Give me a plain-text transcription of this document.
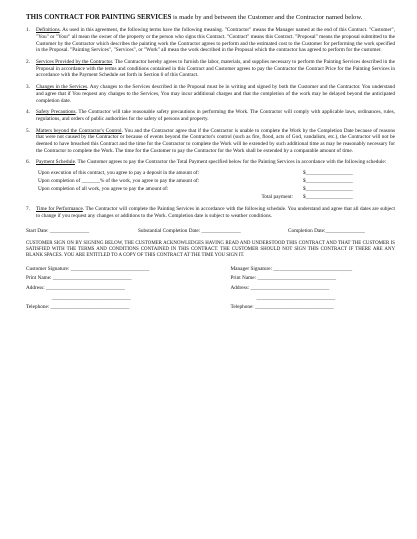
THIS CONTRACT FOR PAINTING SERVICES is made by and between the Customer and the Contractor named below.

1.	Definitions. As used in this agreement, the following terms have the following meaning. "Contractor" means the Manager named at the end of this Contract. "Customer", "You" or "Your" all mean the owner of the property or the person who signs this Contract. "Contract" means this Contract. "Proposal" means the proposal submitted to the Customer by the Contractor which describes the painting work the Contractor agrees to perform and the estimated cost to the Customer for performing the work specified in the Proposal. "Painting Services", "Services", or "Work" all mean the work described in the Proposal which the contractor has agreed to perform for the customer.
2.	Services Provided by the Contractor. The Contractor hereby agrees to furnish the labor, materials, and supplies necessary to perform the Painting Services described in the Proposal in accordance with the terms and conditions contained in this Contract and Customer agrees to pay the Contractor the Contract Price for the Painting Services in accordance with the Payment Schedule set forth in Section 6 of this Contract.
3.	Changes in the Services. Any changes to the Services described in the Proposal must be in writing and signed by both the Customer and the Contractor. You understand and agree that if You request any changes to the Services, You may incur additional charges and that the completion of the work may be delayed beyond the anticipated completion date.
4.	Safety Precautions. The Contractor will take reasonable safety precautions in performing the Work. The Contractor will comply with applicable laws, ordinances, rules, regulations, and orders of public authorities for the safety of persons and property.
5.	Matters beyond the Contractor's Control. You and the Contractor agree that if the Contractor is unable to complete the Work by the Completion Date because of reasons that were not caused by the Contractor or because of events beyond the Contractor's control (such as fire, flood, acts of God, vandalism, etc.), the Contractor will not be deemed to have breached this Contract and the time for the Contractor to complete the Work will be extended by such additional time as may be reasonably necessary for the Contractor to complete the Work. The time for the Customer to pay the Contractor for the Work shall be extended by a comparable amount of time.
6.	Payment Schedule. The Customer agrees to pay the Contractor the Total Payment specified below for the Painting Services in accordance with the following schedule:
Upon execution of this contract, you agree to pay a deposit in the amount of:	$__________________
Upon completion of _______% of the work, you agree to pay the amount of:	$__________________
Upon completion of all work, you agree to pay the amount of:	$__________________
Total payment:	$__________________
7.	Time for Performance. The Contractor will complete the Painting Services in accordance with the following schedule. You understand and agree that all dates are subject to change if you request any changes or additions to the Work. Completion date is subject to weather conditions.
Start Date: _______________	Substantial Completion Date: _______________	Completion Date:_______________

CUSTOMER SIGN ON BY SIGNING BELOW, THE CUSTOMER ACKNOWLEDGES HAVING READ AND UNDERSTOOD THIS CONTRACT AND THAT THE CUSTOMER IS SATISFIED WITH THE TERMS AND CONDITIONS CONTAINED IN THIS CONTRACT. THE CUSTOMER SHOULD NOT SIGN THIS CONTRACT IF THERE ARE ANY BLANK SPACES. YOU ARE ENTITLED TO A COPY OF THIS CONTRACT AT THE TIME YOU SIGN IT.

Customer Signature: ______________________________
Print Name: ______________________________
Address: ______________________________
______________________________
Telephone: ______________________________
Manager Signature: ______________________________
Print Name: ______________________________
Address: ______________________________
______________________________
Telephone: ______________________________
